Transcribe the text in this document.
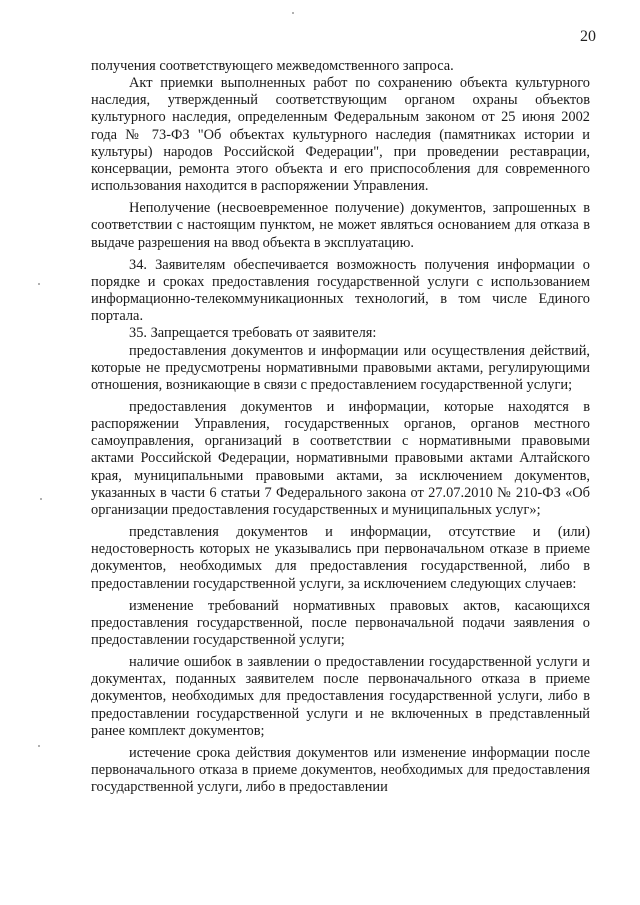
20

получения соответствующего межведомственного запроса.

Акт приемки выполненных работ по сохранению объекта культурного наследия, утвержденный соответствующим органом охраны объектов культурного наследия, определенным Федеральным законом от 25 июня 2002 года № 73-ФЗ "Об объектах культурного наследия (памятниках истории и культуры) народов Российской Федерации", при проведении реставрации, консервации, ремонта этого объекта и его приспособления для современного использования находится в распоряжении Управления.

Неполучение (несвоевременное получение) документов, запрошенных в соответствии с настоящим пунктом, не может являться основанием для отказа в выдаче разрешения на ввод объекта в эксплуатацию.

34. Заявителям обеспечивается возможность получения информации о порядке и сроках предоставления государственной услуги с использованием информационно-телекоммуникационных технологий, в том числе Единого портала.

35. Запрещается требовать от заявителя:

предоставления документов и информации или осуществления действий, которые не предусмотрены нормативными правовыми актами, регулирующими отношения, возникающие в связи с предоставлением государственной услуги;

предоставления документов и информации, которые находятся в распоряжении Управления, государственных органов, органов местного самоуправления, организаций в соответствии с нормативными правовыми актами Российской Федерации, нормативными правовыми актами Алтайского края, муниципальными правовыми актами, за исключением документов, указанных в части 6 статьи 7 Федерального закона от 27.07.2010 № 210-ФЗ «Об организации предоставления государственных и муниципальных услуг»;

представления документов и информации, отсутствие и (или) недостоверность которых не указывались при первоначальном отказе в приеме документов, необходимых для предоставления государственной, либо в предоставлении государственной услуги, за исключением следующих случаев:

изменение требований нормативных правовых актов, касающихся предоставления государственной, после первоначальной подачи заявления о предоставлении государственной услуги;

наличие ошибок в заявлении о предоставлении государственной услуги и документах, поданных заявителем после первоначального отказа в приеме документов, необходимых для предоставления государственной услуги, либо в предоставлении государственной услуги и не включенных в представленный ранее комплект документов;

истечение срока действия документов или изменение информации после первоначального отказа в приеме документов, необходимых для предоставления государственной услуги, либо в предоставлении
